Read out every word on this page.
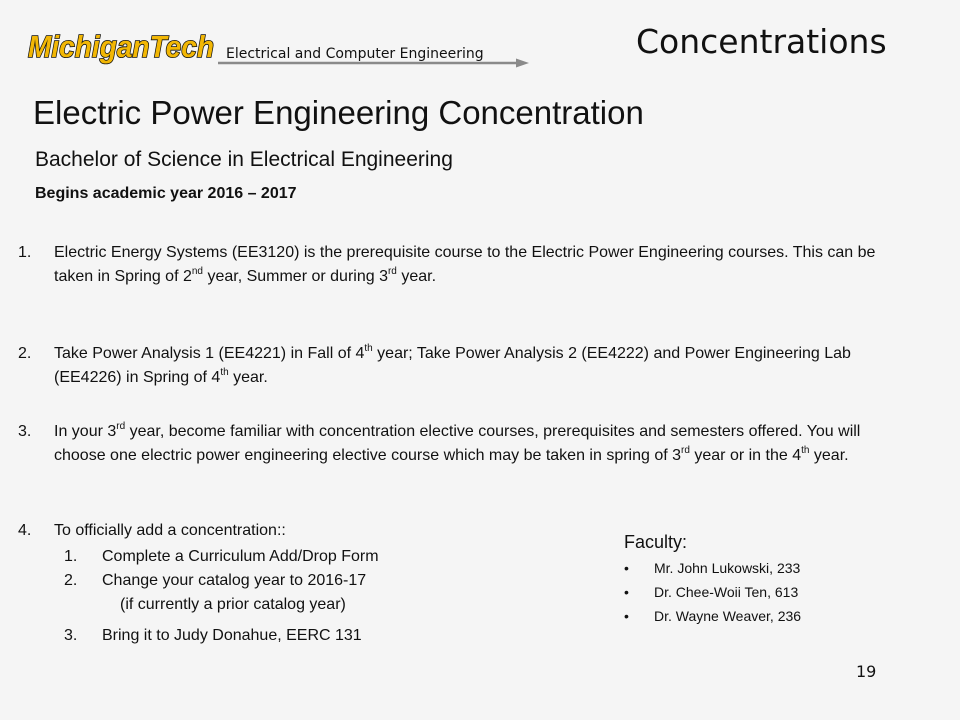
MichiganTech Electrical and Computer Engineering	Concentrations
Electric Power Engineering Concentration
Bachelor of Science in Electrical Engineering
Begins academic year 2016 – 2017
1. Electric Energy Systems (EE3120) is the prerequisite course to the Electric Power Engineering courses. This can be taken in Spring of 2nd year, Summer or during 3rd year.
2. Take Power Analysis 1 (EE4221) in Fall of 4th year; Take Power Analysis 2 (EE4222) and Power Engineering Lab (EE4226) in Spring of 4th year.
3. In your 3rd year, become familiar with concentration elective courses, prerequisites and semesters offered. You will choose one electric power engineering elective course which may be taken in spring of 3rd year or in the 4th year.
4. To officially add a concentration::
1. Complete a Curriculum Add/Drop Form
2. Change your catalog year to 2016-17
(if currently a prior catalog year)
3. Bring it to Judy Donahue, EERC 131
Faculty:
• Mr. John Lukowski, 233
• Dr. Chee-Woii Ten, 613
• Dr. Wayne Weaver, 236
19
